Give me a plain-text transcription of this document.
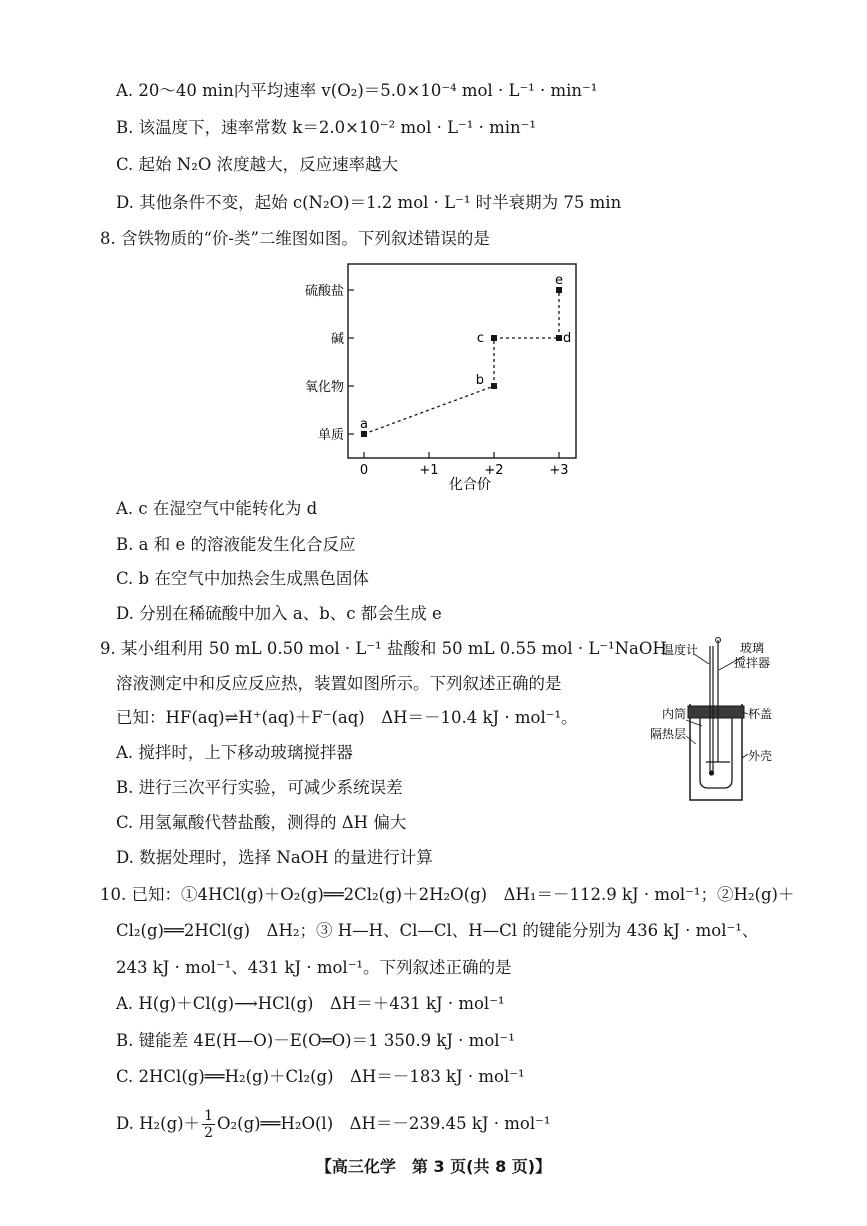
A. 20～40 min内平均速率 v(O₂)＝5.0×10⁻⁴ mol · L⁻¹ · min⁻¹
B. 该温度下，速率常数 k＝2.0×10⁻² mol · L⁻¹ · min⁻¹
C. 起始 N₂O 浓度越大，反应速率越大
D. 其他条件不变，起始 c(N₂O)＝1.2 mol · L⁻¹ 时半衰期为 75 min
8. 含铁物质的“价-类”二维图如图。下列叙述错误的是
0	+1	+2	+3
单质
氧化物
碱
硫酸盐
a
b
c	d
e
化合价
A. c 在湿空气中能转化为 d
B. a 和 e 的溶液能发生化合反应
C. b 在空气中加热会生成黑色固体
D. 分别在稀硫酸中加入 a、b、c 都会生成 e
9. 某小组利用 50 mL 0.50 mol · L⁻¹ 盐酸和 50 mL 0.55 mol · L⁻¹NaOH
溶液测定中和反应反应热，装置如图所示。下列叙述正确的是
已知：HF(aq)⇌H⁺(aq)＋F⁻(aq)　ΔH＝－10.4 kJ · mol⁻¹。
A. 搅拌时，上下移动玻璃搅拌器
B. 进行三次平行实验，可减少系统误差
C. 用氢氟酸代替盐酸，测得的 ΔH 偏大
D. 数据处理时，选择 NaOH 的量进行计算
温度计	玻璃
搅拌器
内筒	杯盖
隔热层
外壳
10. 已知：①4HCl(g)＋O₂(g)══2Cl₂(g)＋2H₂O(g)　ΔH₁＝－112.9 kJ · mol⁻¹；②H₂(g)＋
Cl₂(g)══2HCl(g)　ΔH₂；③ H—H、Cl—Cl、H—Cl 的键能分别为 436 kJ · mol⁻¹、
243 kJ · mol⁻¹、431 kJ · mol⁻¹。下列叙述正确的是
A. H(g)＋Cl(g)⟶HCl(g)　ΔH＝＋431 kJ · mol⁻¹
B. 键能差 4E(H—O)－E(O═O)＝1 350.9 kJ · mol⁻¹
C. 2HCl(g)══H₂(g)＋Cl₂(g)　ΔH＝－183 kJ · mol⁻¹
D. $H_2(g)+ \frac{1}{2}$ O₂(g)══H₂O(l)　ΔH＝－239.45 kJ · mol⁻¹
【高三化学　第 3 页(共 8 页)】
